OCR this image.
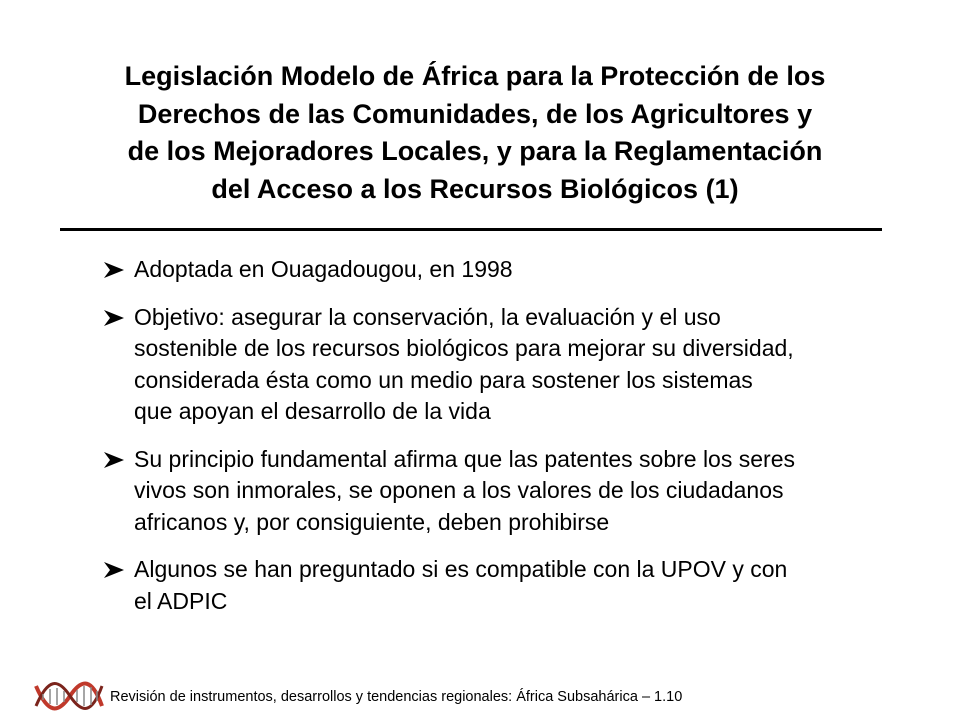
Legislación Modelo de África para la Protección de los
Derechos de las Comunidades, de los Agricultores y
de los Mejoradores Locales, y para la Reglamentación
del Acceso a los Recursos Biológicos (1)
Adoptada en Ouagadougou, en 1998
Objetivo: asegurar la conservación, la evaluación y el uso
sostenible de los recursos biológicos para mejorar su diversidad,
considerada ésta como un medio para sostener los sistemas
que apoyan el desarrollo de la vida
Su principio fundamental afirma que las patentes sobre los seres
vivos son inmorales, se oponen a los valores de los ciudadanos
africanos y, por consiguiente, deben prohibirse
Algunos se han preguntado si es compatible con la UPOV y con
el ADPIC
Revisión de instrumentos, desarrollos y tendencias regionales: África Subsahárica – 1.10
